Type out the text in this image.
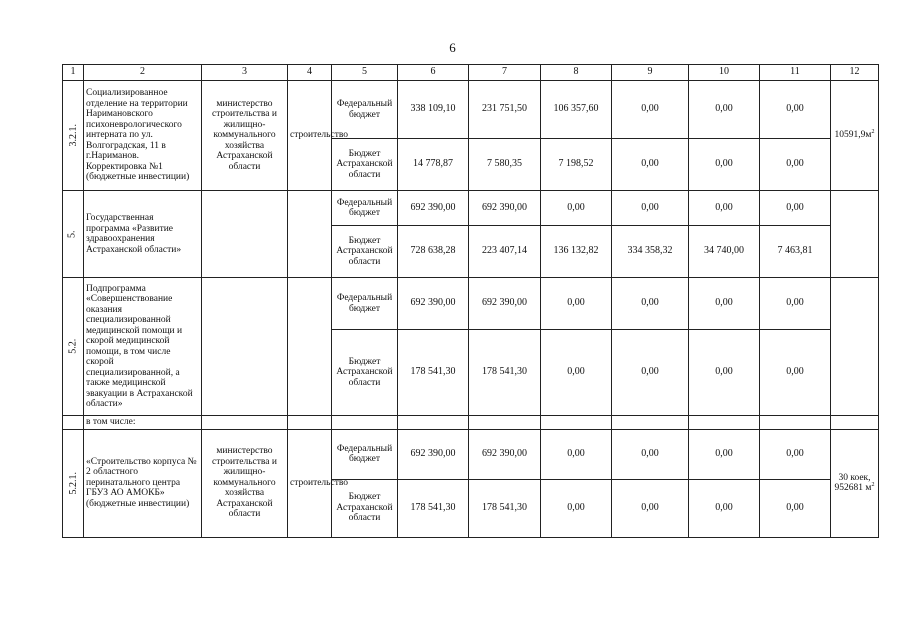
6
1	2	3	4	5	6	7	8	9	10	11	12
3.2.1.	Социализированное отделение на территории Наримановского психоневрологического интерната по ул. Волгоградская, 11 в г.Нариманов. Корректировка №1 (бюджетные инвестиции)	министерство строительства и жилищно-коммунального хозяйства Астраханской области	строительство	Федеральный бюджет	338 109,10	231 751,50	106 357,60	0,00	0,00	0,00	$10591,9м^2$
				Бюджет Астраханской области	14 778,87	7 580,35	7 198,52	0,00	0,00	0,00	
5.	Государственная программа «Развитие здравоохранения Астраханской области»			Федеральный бюджет	692 390,00	692 390,00	0,00	0,00	0,00	0,00	
				Бюджет Астраханской области	728 638,28	223 407,14	136 132,82	334 358,32	34 740,00	7 463,81	
5.2.	Подпрограмма «Совершенствование оказания специализированной медицинской помощи и скорой медицинской помощи, в том числе скорой специализированной, а также медицинской эвакуации в Астраханской области»			Федеральный бюджет	692 390,00	692 390,00	0,00	0,00	0,00	0,00	
				Бюджет Астраханской области	178 541,30	178 541,30	0,00	0,00	0,00	0,00	
	в том числе:										
5.2.1.	«Строительство корпуса № 2 областного перинатального центра ГБУЗ АО АМОКБ» (бюджетные инвестиции)	министерство строительства и жилищно-коммунального хозяйства Астраханской области	строительство	Федеральный бюджет	692 390,00	692 390,00	0,00	0,00	0,00	0,00	30 коек, 952681 $м^2$
				Бюджет Астраханской области	178 541,30	178 541,30	0,00	0,00	0,00	0,00	
